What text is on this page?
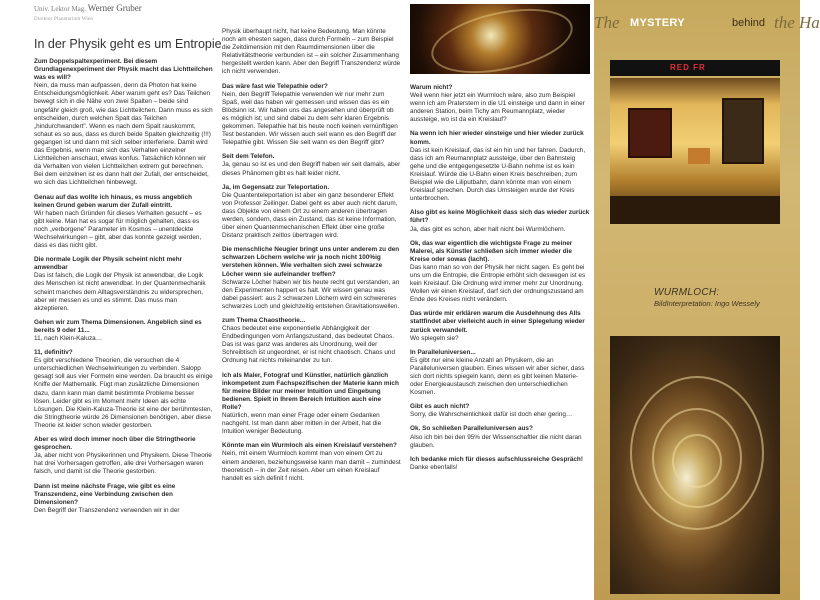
Univ. Lektor Mag. Werner Gruber
Direktor Planetarium Wien
In der Physik geht es um Entropie

Zum Doppelspaltexperiment. Bei diesem Grundlagenexperiment der Physik macht das Lichtteilchen was es will?
Nein, da muss man aufpassen, denn da Photon hat keine Entscheidungsmöglichkeit. Aber warum geht es? Das Teilchen bewegt sich in die Nähe von zwei Spalten – beide sind ungefähr gleich groß, wie das Lichtteilchen. Dann muss es sich entscheiden, durch welchen Spalt das Teilchen „hindurchwandert". Wenn es nach dem Spalt rauskommt, schaut es so aus, dass es durch beide Spalten gleichzeitig (!!!) gegangen ist und dann mit sich selber interferiere. Damit wird das Ergebnis, wenn man sich das Verhalten einzelner Lichtteilchen anschaut, etwas konfus. Tatsächlich können wir da Verhalten von vielen Lichtteilchen extrem gut berechnen. Bei dem einzelnen ist es dann halt der Zufall, der entscheidet, wo sich das Lichtteilchen hinbewegt.

Genau auf das wollte ich hinaus, es muss angeblich keinen Grund geben warum der Zufall eintritt.
Wir haben nach Gründen für dieses Verhalten gesucht – es gibt keine. Man hat es sogar für möglich gehalten, dass es noch „verborgene" Parameter im Kosmos – unentdeckte Wechselwirkungen – gibt, aber das konnte gezeigt werden, dass es das nicht gibt.

Die normale Logik der Physik scheint nicht mehr anwendbar
Das ist falsch, die Logik der Physik ist anwendbar, die Logik des Menschen ist nicht anwendbar. In der Quantenmechanik scheint manches dem Alltagsverständnis zu widersprechen, aber wir messen es und es stimmt. Das muss man akzeptieren.

Gehen wir zum Thema Dimensionen. Angeblich sind es bereits 9 oder 11...
11, nach Klein-Kaluza…

11, definitiv?
Es gibt verschiedene Theorien, die versuchen die 4 unterschiedlichen Wechselwirkungen zu verbinden. Salopp gesagt soll aus vier Formeln eine werden. Da braucht es einige Kniffe der Mathematik. Fügt man zusätzliche Dimensionen dazu, dann kann man damit bestimmte Probleme besser lösen. Leider gibt es im Moment mehr Ideen als echte Lösungen. Die Klein-Kaluza-Theorie ist eine der berühmtesten, die Stringtheorie würde 26 Dimensionen benötigen, aber diese Theorie ist leider schon wieder gestorben.

Aber es wird doch immer noch über die Stringtheorie gesprochen.
Ja, aber nicht von Physikerinnen und Physikern. Diese Theorie hat drei Vorhersagen getroffen, alle drei Vorhersagen waren falsch, und damit ist die Theorie gestorben.

Dann ist meine nächste Frage, wie gibt es eine Transzendenz, eine Verbindung zwischen den Dimensionen?
Den Begriff der Transzendenz verwenden wir in der

Physik überhaupt nicht, hat keine Bedeutung. Man könnte noch am ehesten sagen, dass durch Formeln – zum Beispiel die Zeitdimension mit den Raumdimensionen über die Relativitätstheorie verbunden ist – ein solcher Zusammenhang hergestellt werden kann. Aber den Begriff Transzendenz würde ich nicht verwenden.

Das wäre fast wie Telepathie oder?
Nein, den Begriff Telepathie verwenden wir nur mehr zum Spaß, weil das haben wir gemessen und wissen das es ein Blödsinn ist. Wir haben uns das angesehen und überprüft ob es möglich ist; und sind dabei zu dem sehr klaren Ergebnis gekommen. Telepathie hat bis heute noch keinen vernünftigen Test bestanden. Wir wissen auch seit wann es den Begriff der Telepathie gibt. Wissen Sie seit wann es den Begriff gibt?

Seit dem Telefon.
Ja, genau so ist es und den Begriff haben wir seit damals, aber dieses Phänomen gibt es halt leider nicht.

Ja, im Gegensatz zur Teleportation.
Die Quantenteleportation ist aber ein ganz besonderer Effekt von Professor Zeilinger. Dabei geht es aber auch nicht darum, dass Objekte von einem Ort zu einem anderen übertragen werden, sondern, dass ein Zustand, das ist keine Information, über einen Quantenmechanischen Effekt über eine große Distanz praktisch zeitlos übertragen wird.

Die menschliche Neugier bringt uns unter anderem zu den schwarzen Löchern welche wir ja noch nicht 100%ig verstehen können. Wie verhalten sich zwei schwarze Löcher wenn sie aufeinander treffen?
Schwarze Löcher haben wir bis heute recht gut verstanden, an den Experimenten happert es halt. Wir wissen genau was dabei passiert: aus 2 schwarzen Löchern wird ein schwereres schwarzes Loch und gleichzeitig entstehen Gravitationswellen.

zum Thema Chaostheorie...
Chaos bedeutet eine exponentielle Abhängigkeit der Endbedingungen vom Anfangszustand, das bedeutet Chaos. Das ist was ganz was anderes als Unordnung, weil der Schreibtisch ist ungeordnet, er ist nicht chaotisch. Chaos und Ordnung hat nichts miteinander zu tun.

Ich als Maler, Fotograf und Künstler, natürlich gänzlich inkompetent zum Fachspezifischen der Materie kann mich für meine Bilder nur meiner Intuition und Eingebung bedienen. Spielt in Ihrem Bereich Intuition auch eine Rolle?
Natürlich, wenn man einer Frage oder einem Gedanken nachgeht. Ist man dann aber mitten in der Arbeit, hat die Intuition weniger Bedeutung.

Könnte man ein Wurmloch als einen Kreislauf verstehen?
Nein, mit einem Wurmloch kommt man von einem Ort zu einem anderen, beziehungsweise kann man damit – zumindest theoretisch – in der Zeit reisen. Aber um einen Kreislauf handelt es sich definit f nicht.

Warum nicht?
Weil wenn hier jetzt ein Wurmloch wäre, also zum Beispiel wenn ich am Praterstern in die U1 einsteige und dann in einer anderen Station, beim Tichy am Reumannplatz, wieder aussteige, wo ist da ein Kreislauf?

Na wenn ich hier wieder einsteige und hier wieder zurück komm.
Das ist kein Kreislauf, das ist ein hin und her fahren. Dadurch, dass ich am Reumannplatz aussteige, über den Bahnsteig gehe und die entgegengesetzte U-Bahn nehme ist es kein Kreislauf. Würde die U-Bahn einen Kreis beschreiben, zum Beispiel wie die Liliputbahn, dann könnte man von einem Kreislauf sprechen. Durch das Umsteigen wurde der Kreis unterbrochen.

Also gibt es keine Möglichkeit dass sich das wieder zurück führt?
Ja, das gibt es schon, aber halt nicht bei Wurmlöchern.

Ok, das war eigentlich die wichtigste Frage zu meiner Malerei, als Künstler schließen sich immer wieder die Kreise oder sowas (lacht).
Das kann man so von der Physik her nicht sagen. Es geht bei uns um die Entropie, die Entropie erhöht sich deswegen ist es kein Kreislauf. Die Ordnung wird immer mehr zur Unordnung. Wollen wir einen Kreislauf, darf sich der ordnungszustand am Ende des Kreises nicht verändern.

Das würde mir erklären warum die Ausdehnung des Alls stattfindet aber vielleicht auch in einer Spiegelung wieder zurück verwandelt.
Wo spiegeln sie?

In Paralleluniversen...
Es gibt nur eine kleine Anzahl an Physikern, die an Paralleluniversen glauben. Eines wissen wir aber sicher, dass sich dort nichts spiegeln kann, denn es gibt keinen Materie- oder Energieaustausch zwischen den unterschiedlichen Kosmen.

Gibt es auch nicht?
Sorry, die Wahrscheinlichkeit dafür ist doch eher gering…

Ok. So schließen Paralleluniversen aus?
Also ich bin bei den 95% der Wissenschaftler die nicht daran glauben.

Ich bedanke mich für dieses aufschlussreiche Gespräch!
Danke ebenfalls!

The MYSTERY	behind the Ha
RED FR
WURMLOCH:
BildInterpretation: Ingo Wessely
